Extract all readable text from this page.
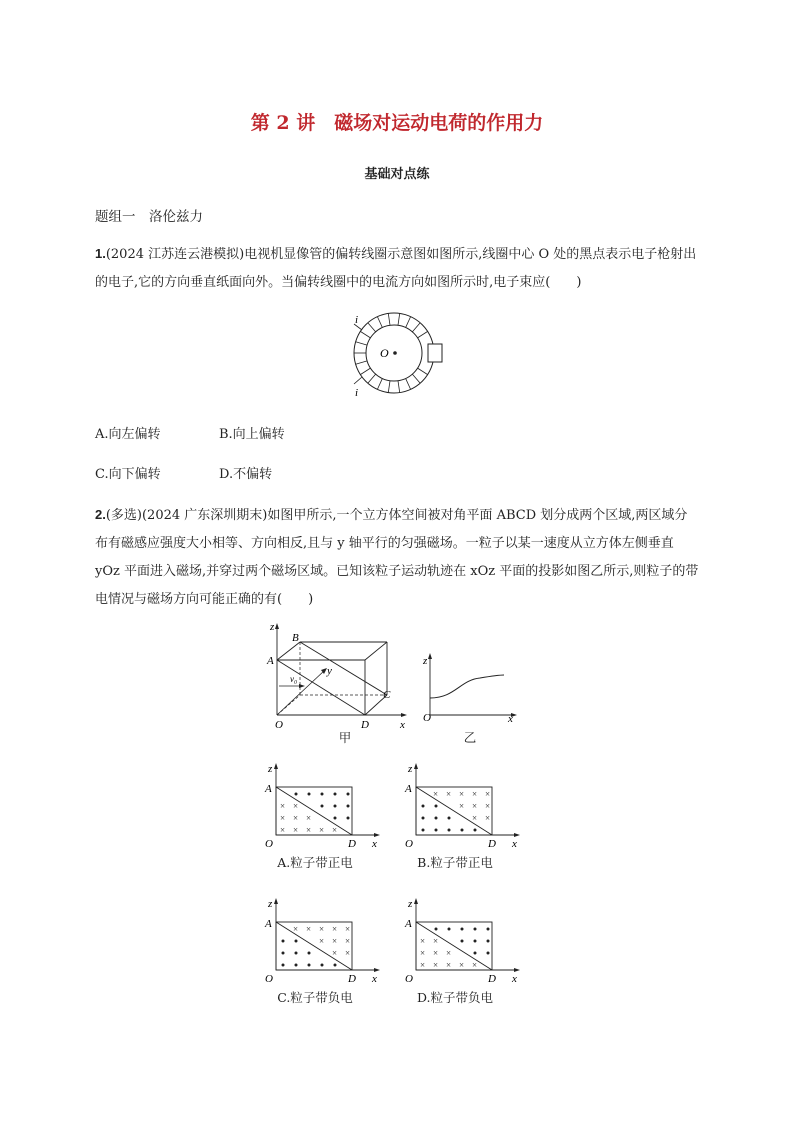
第 2 讲　磁场对运动电荷的作用力
基础对点练
题组一　洛伦兹力
1.(2024 江苏连云港模拟)电视机显像管的偏转线圈示意图如图所示,线圈中心 O 处的黑点表示电子枪射出的电子,它的方向垂直纸面向外。当偏转线圈中的电流方向如图所示时,电子束应(　　)
O
i
i
A.向左偏转	B.向上偏转
C.向下偏转	D.不偏转
2.(多选)(2024 广东深圳期末)如图甲所示,一个立方体空间被对角平面 ABCD 划分成两个区域,两区域分布有磁感应强度大小相等、方向相反,且与 y 轴平行的匀强磁场。一粒子以某一速度从立方体左侧垂直 yOz 平面进入磁场,并穿过两个磁场区域。已知该粒子运动轨迹在 xOz 平面的投影如图乙所示,则粒子的带电情况与磁场方向可能正确的有(　　)
z
B
A
y
v₀
O	D
C
x
甲
z
O	x
乙
× ×
× × ×
× × × × ×
z
A
O	D x
A.粒子带正电
× × × × ×
× × ×
× ×
z
A
O	D x
B.粒子带正电
× × × × ×
× × ×
× ×
z
A
O	D x
C.粒子带负电
× ×
× × ×
× × × × ×
z
A
O	D x
D.粒子带负电
